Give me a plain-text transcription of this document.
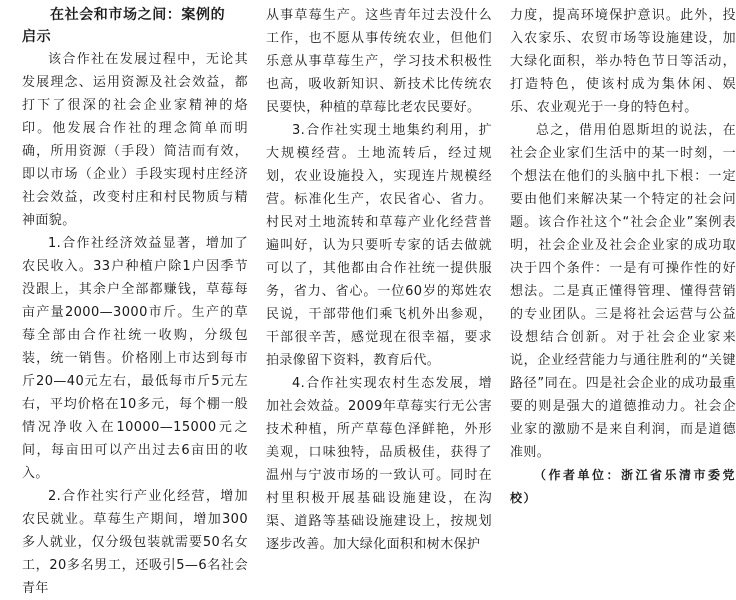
在社会和市场之间：案例的
启示

该合作社在发展过程中，无论其发展理念、运用资源及社会效益，都打下了很深的社会企业家精神的烙印。他发展合作社的理念简单而明确，所用资源（手段）简洁而有效，即以市场（企业）手段实现村庄经济社会效益，改变村庄和村民物质与精神面貌。

1.合作社经济效益显著，增加了农民收入。33户种植户除1户因季节没跟上，其余户全部都赚钱，草莓每亩产量2000—3000市斤。生产的草莓全部由合作社统一收购，分级包装，统一销售。价格刚上市达到每市斤20—40元左右，最低每市斤5元左右，平均价格在10多元，每个棚一般情况净收入在10000—15000元之间，每亩田可以产出过去6亩田的收入。

2.合作社实行产业化经营，增加农民就业。草莓生产期间，增加300多人就业，仅分级包装就需要50名女工，20多名男工，还吸引5—6名社会青年

从事草莓生产。这些青年过去没什么工作，也不愿从事传统农业，但他们乐意从事草莓生产，学习技术积极性也高，吸收新知识、新技术比传统农民要快，种植的草莓比老农民要好。

3.合作社实现土地集约利用，扩大规模经营。土地流转后，经过规划，农业设施投入，实现连片规模经营。标准化生产，农民省心、省力。村民对土地流转和草莓产业化经营普遍叫好，认为只要听专家的话去做就可以了，其他都由合作社统一提供服务，省力、省心。一位60岁的郑姓农民说，干部带他们乘飞机外出参观，干部很辛苦，感觉现在很幸福，要求拍录像留下资料，教育后代。

4.合作社实现农村生态发展，增加社会效益。2009年草莓实行无公害技术种植，所产草莓色泽鲜艳，外形美观，口味独特，品质极佳，获得了温州与宁波市场的一致认可。同时在村里积极开展基础设施建设，在沟渠、道路等基础设施建设上，按规划逐步改善。加大绿化面积和树木保护

力度，提高环境保护意识。此外，投入农家乐、农贸市场等设施建设，加大绿化面积，举办特色节日等活动，打造特色，使该村成为集休闲、娱乐、农业观光于一身的特色村。

总之，借用伯恩斯坦的说法，在社会企业家们生活中的某一时刻，一个想法在他们的头脑中扎下根：一定要由他们来解决某一个特定的社会问题。该合作社这个“社会企业”案例表明，社会企业及社会企业家的成功取决于四个条件：一是有可操作性的好想法。二是真正懂得管理、懂得营销的专业团队。三是将社会运营与公益设想结合创新。对于社会企业家来说，企业经营能力与通往胜利的“关键路径”同在。四是社会企业的成功最重要的则是强大的道德推动力。社会企业家的激励不是来自利润，而是道德准则。

（作者单位：浙江省乐清市委党校）
